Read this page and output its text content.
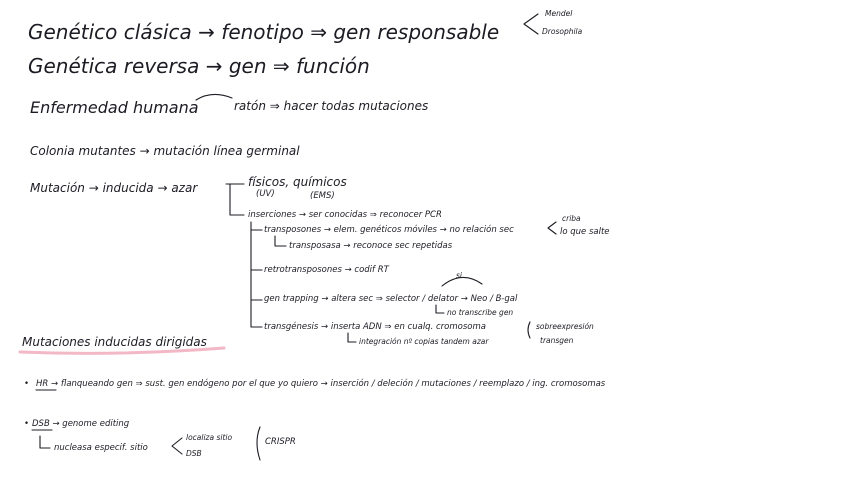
Genético clásica → fenotipo ⇒ gen responsable
Mendel
Drosophila
Genética reversa → gen ⇒ función
Enfermedad humana	ratón ⇒ hacer todas mutaciones
Colonia mutantes → mutación línea germinal
Mutación → inducida → azar	físicos, químicos
(UV)	(EMS)
inserciones → ser conocidas ⇒ reconocer PCR	criba
transposones → elem. genéticos móviles → no relación sec	lo que salte
transposasa → reconoce sec repetidas
retrotransposones → codif RT
si
gen trapping → altera sec ⇒ selector / delator → Neo / B-gal
no transcribe gen
transgénesis → inserta ADN ⇒ en cualq. cromosoma
integración nº copias tandem azar
sobreexpresión
transgen
Mutaciones inducidas dirigidas
• HR → flanqueando gen ⇒ sust. gen endógeno por el que yo quiero → inserción / deleción / mutaciones / reemplazo / ing. cromosomas
• DSB → genome editing
nucleasa especif. sitio
localiza sitio
DSB
CRISPR
